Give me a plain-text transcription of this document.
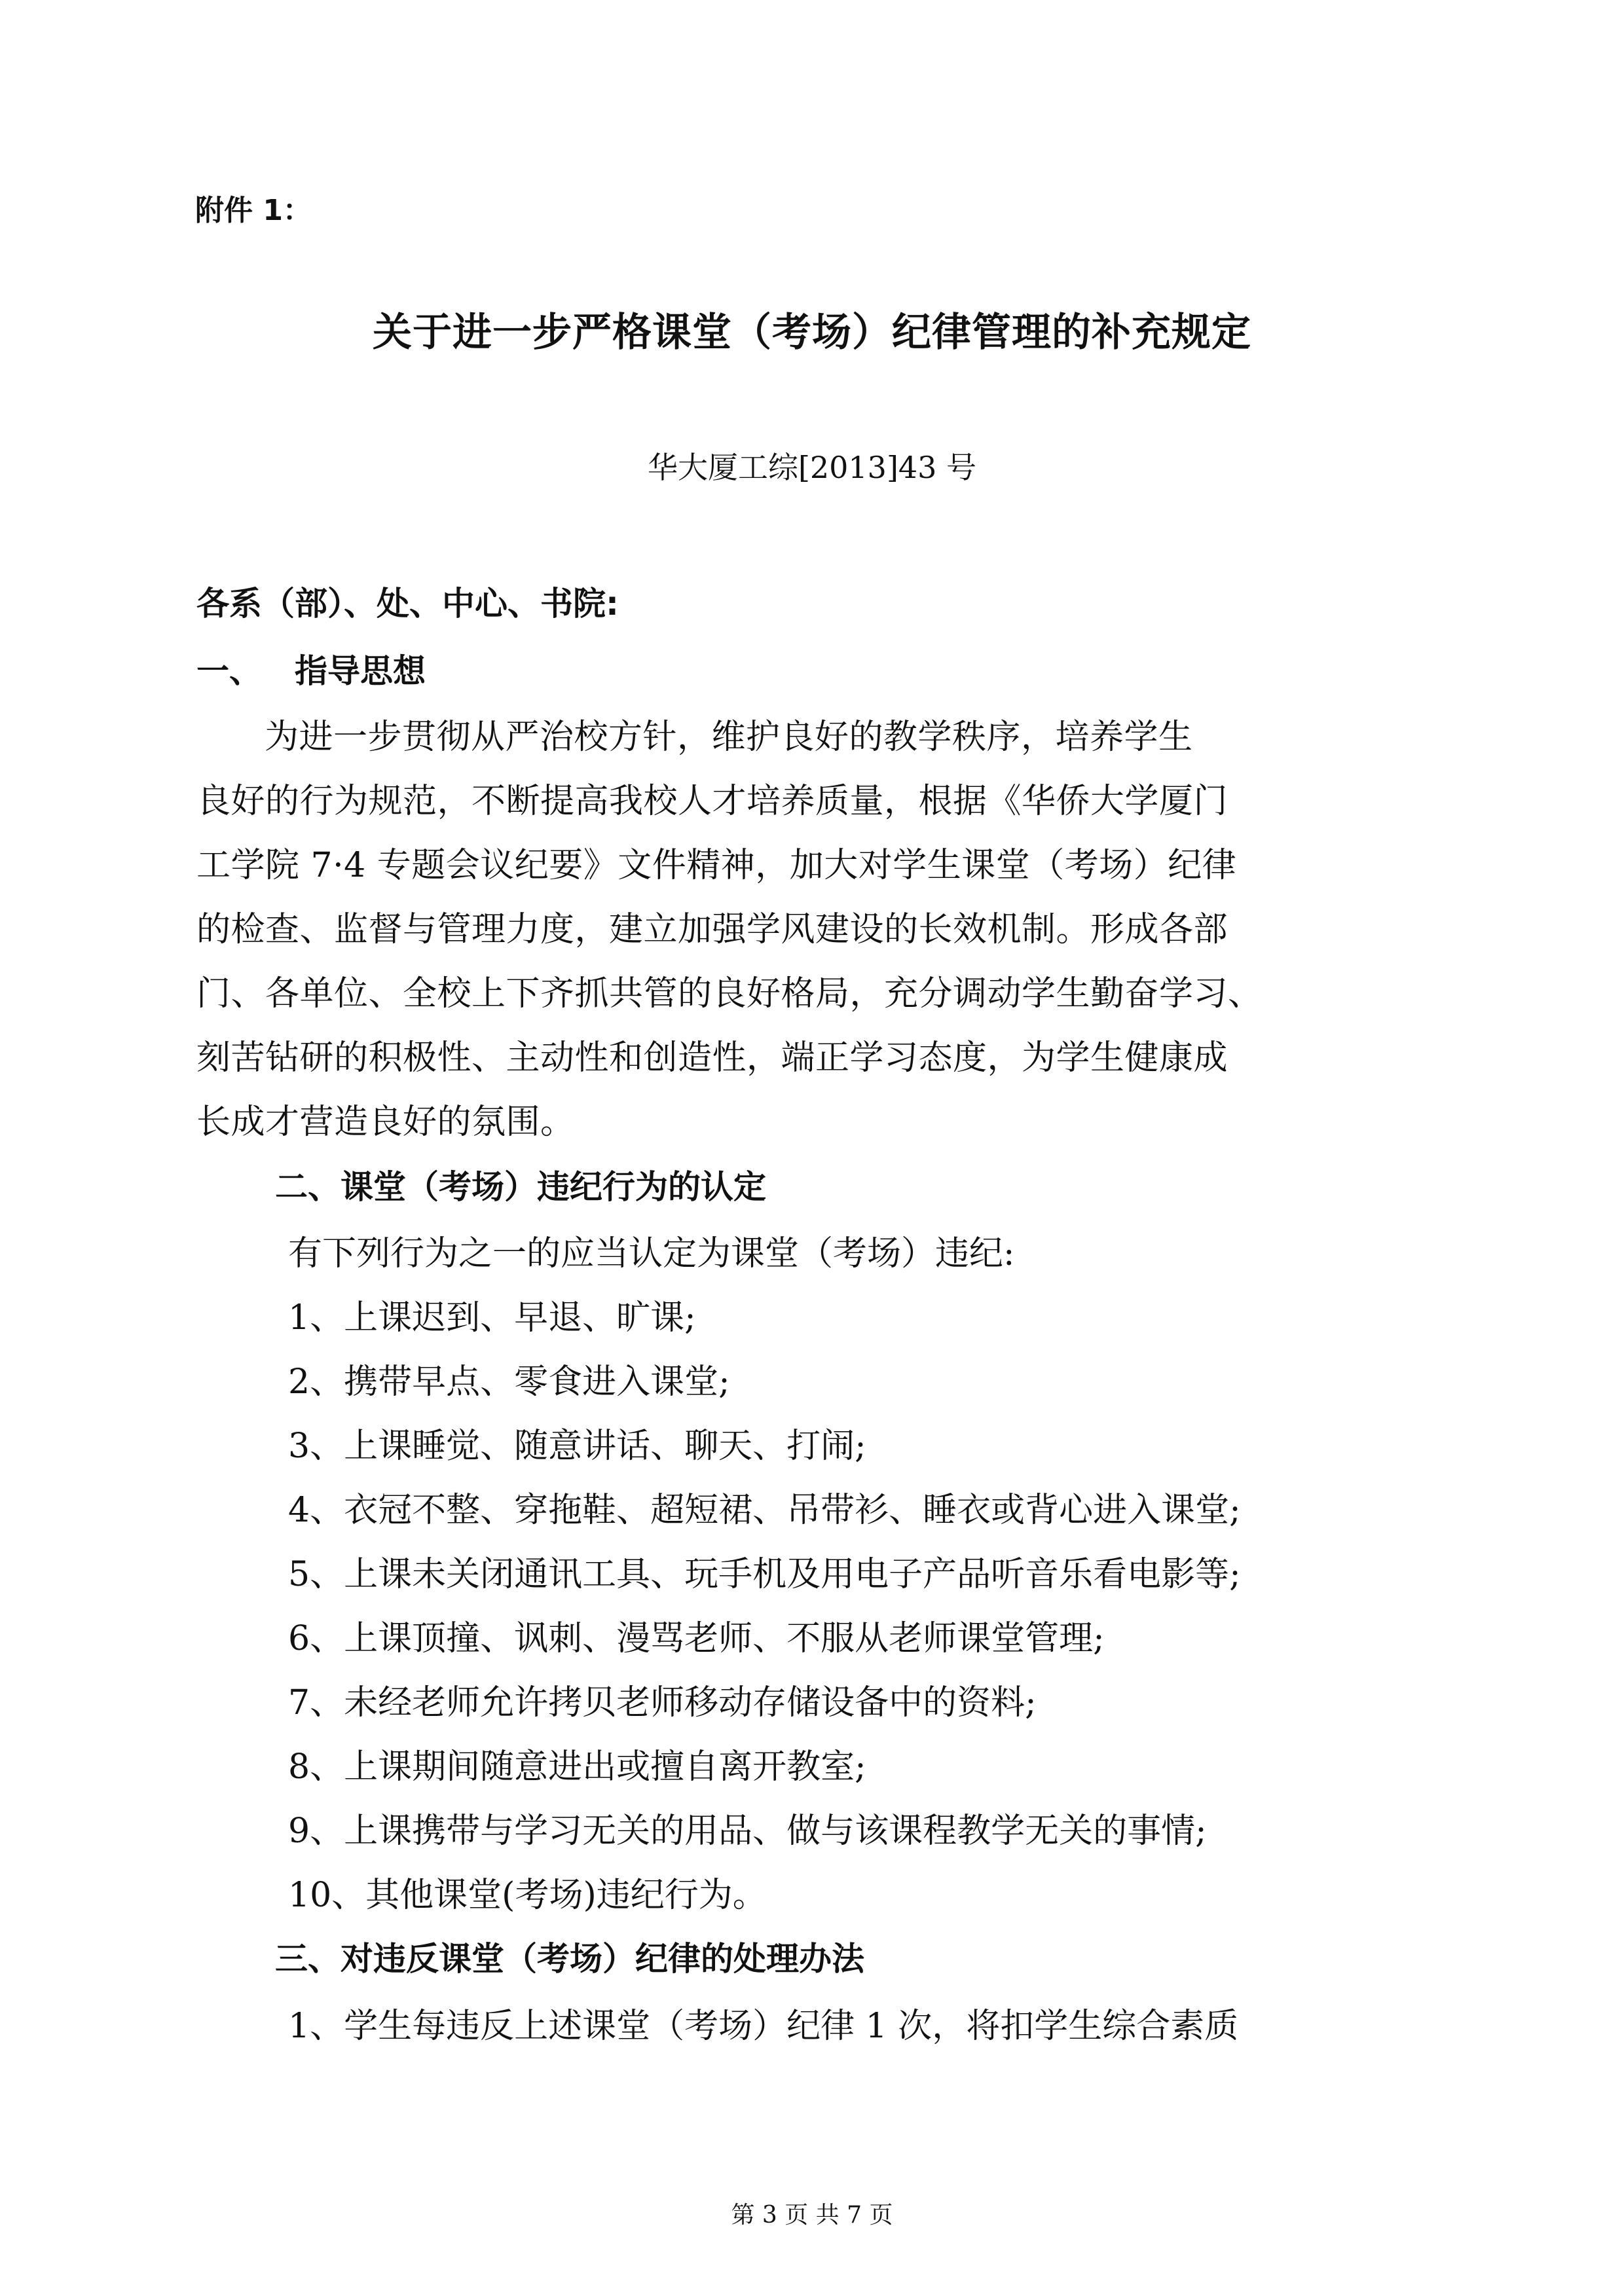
附件 1：
关于进一步严格课堂（考场）纪律管理的补充规定
华大厦工综[2013]43 号
各系（部）、处、中心、书院:
一、 指导思想
为进一步贯彻从严治校方针，维护良好的教学秩序，培养学生
良好的行为规范，不断提高我校人才培养质量，根据《华侨大学厦门
工学院 7·4 专题会议纪要》文件精神，加大对学生课堂（考场）纪律
的检查、监督与管理力度，建立加强学风建设的长效机制。形成各部
门、各单位、全校上下齐抓共管的良好格局，充分调动学生勤奋学习、
刻苦钻研的积极性、主动性和创造性，端正学习态度，为学生健康成
长成才营造良好的氛围。
二、课堂（考场）违纪行为的认定
有下列行为之一的应当认定为课堂（考场）违纪:
1、上课迟到、早退、旷课;
2、携带早点、零食进入课堂;
3、上课睡觉、随意讲话、聊天、打闹;
4、衣冠不整、穿拖鞋、超短裙、吊带衫、睡衣或背心进入课堂;
5、上课未关闭通讯工具、玩手机及用电子产品听音乐看电影等;
6、上课顶撞、讽刺、漫骂老师、不服从老师课堂管理;
7、未经老师允许拷贝老师移动存储设备中的资料;
8、上课期间随意进出或擅自离开教室;
9、上课携带与学习无关的用品、做与该课程教学无关的事情;
10、其他课堂(考场)违纪行为。
三、对违反课堂（考场）纪律的处理办法
1、学生每违反上述课堂（考场）纪律 1 次，将扣学生综合素质
第 3 页 共 7 页
